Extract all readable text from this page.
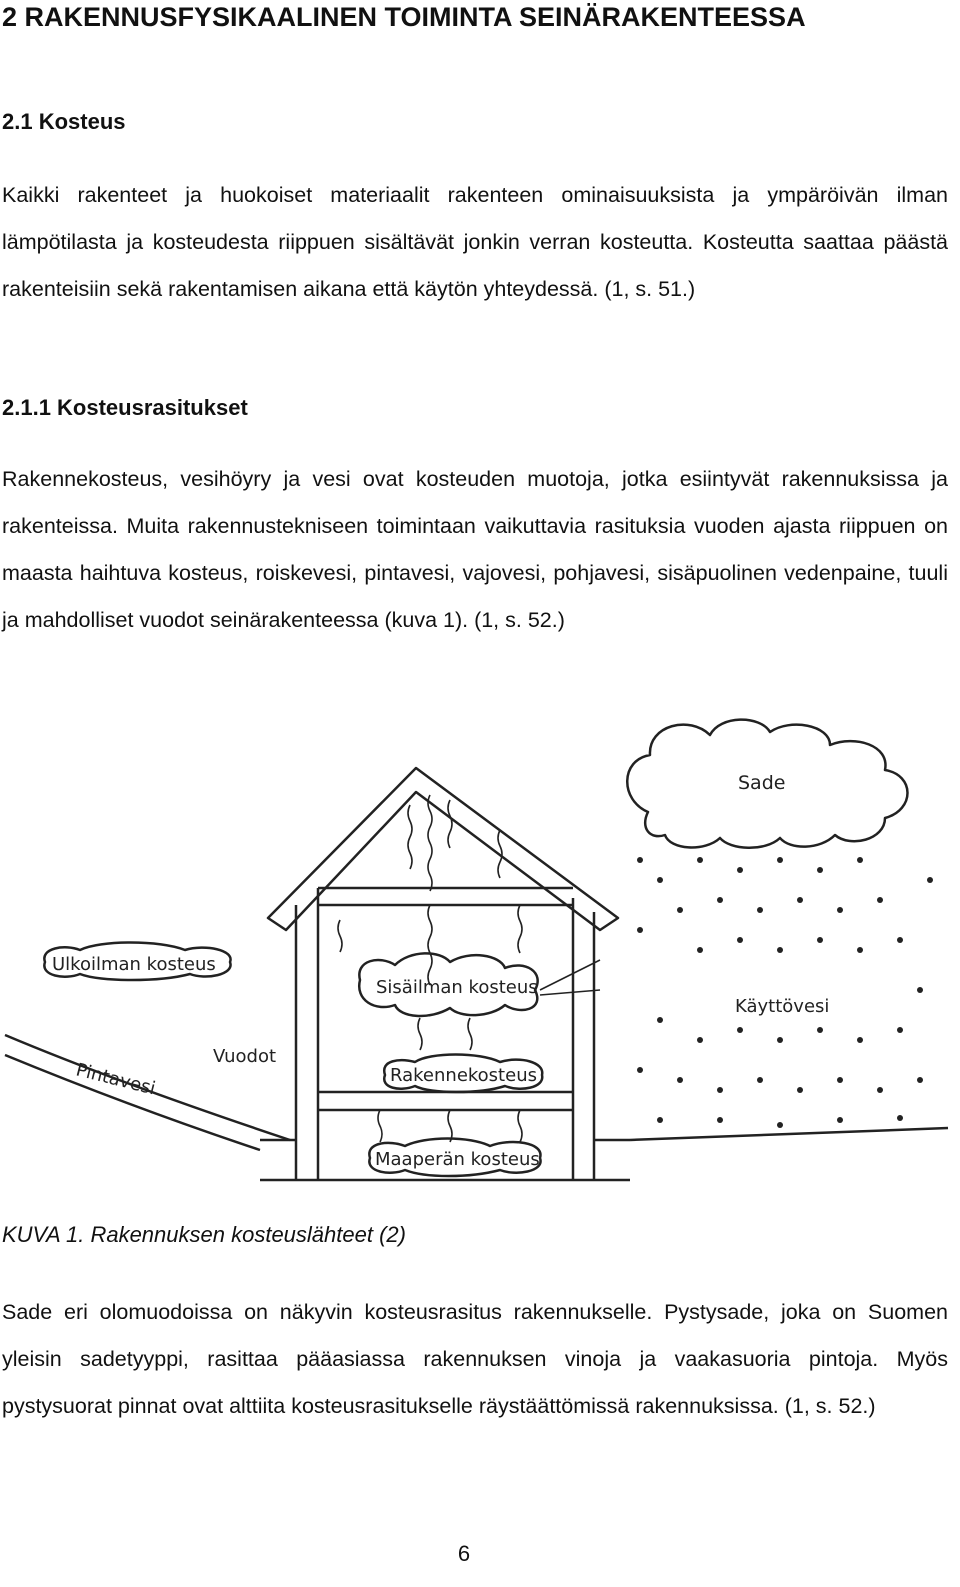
2 RAKENNUSFYSIKAALINEN TOIMINTA SEINÄRAKENTEESSA
2.1 Kosteus

Kaikki rakenteet ja huokoiset materiaalit rakenteen ominaisuuksista ja ympäröivän ilman lämpötilasta ja kosteudesta riippuen sisältävät jonkin verran kosteutta. Kosteutta saattaa päästä rakenteisiin sekä rakentamisen aikana että käytön yhteydessä. (1, s. 51.)

2.1.1 Kosteusrasitukset

Rakennekosteus, vesihöyry ja vesi ovat kosteuden muotoja, jotka esiintyvät rakennuksissa ja rakenteissa. Muita rakennustekniseen toimintaan vaikuttavia rasituksia vuoden ajasta riippuen on maasta haihtuva kosteus, roiskevesi, pintavesi, vajovesi, pohjavesi, sisäpuolinen vedenpaine, tuuli ja mahdolliset vuodot seinärakenteessa (kuva 1). (1, s. 52.)

Sade
Ulkoilman kosteus
Sisäilman kosteus
Käyttövesi
Vuodot
Pintavesi	Rakennekosteus
Maaperän kosteus

KUVA 1. Rakennuksen kosteuslähteet (2)

Sade eri olomuodoissa on näkyvin kosteusrasitus rakennukselle. Pystysade, joka on Suomen yleisin sadetyyppi, rasittaa pääasiassa rakennuksen vinoja ja vaakasuoria pintoja. Myös pystysuorat pinnat ovat alttiita kosteusrasitukselle räystäättömissä rakennuksissa. (1, s. 52.)

6
